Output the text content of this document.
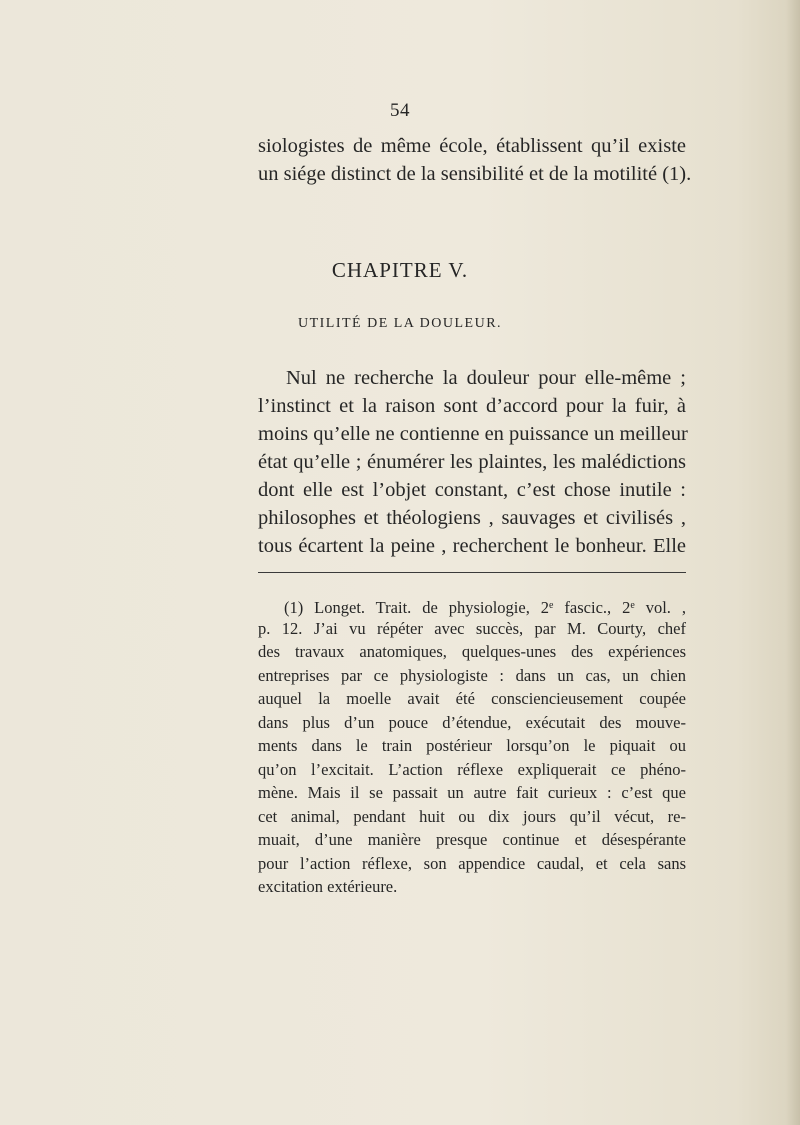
54

siologistes de même école, établissent qu’il existe

un siége distinct de la sensibilité et de la motilité (1).

CHAPITRE V.
UTILITÉ DE LA DOULEUR.

Nul ne recherche la douleur pour elle-même ;

l’instinct et la raison sont d’accord pour la fuir, à

moins qu’elle ne contienne en puissance un meilleur

état qu’elle ; énumérer les plaintes, les malédictions

dont elle est l’objet constant, c’est chose inutile :

philosophes et théologiens , sauvages et civilisés ,

tous écartent la peine , recherchent le bonheur. Elle

(1) Longet. Trait. de physiologie, 2e fascic., 2e vol. ,

p. 12. J’ai vu répéter avec succès, par M. Courty, chef

des travaux anatomiques, quelques-unes des expériences

entreprises par ce physiologiste : dans un cas, un chien

auquel la moelle avait été consciencieusement coupée

dans plus d’un pouce d’étendue, exécutait des mouve-

ments dans le train postérieur lorsqu’on le piquait ou

qu’on l’excitait. L’action réflexe expliquerait ce phéno-

mène. Mais il se passait un autre fait curieux : c’est que

cet animal, pendant huit ou dix jours qu’il vécut, re-

muait, d’une manière presque continue et désespérante

pour l’action réflexe, son appendice caudal, et cela sans

excitation extérieure.
